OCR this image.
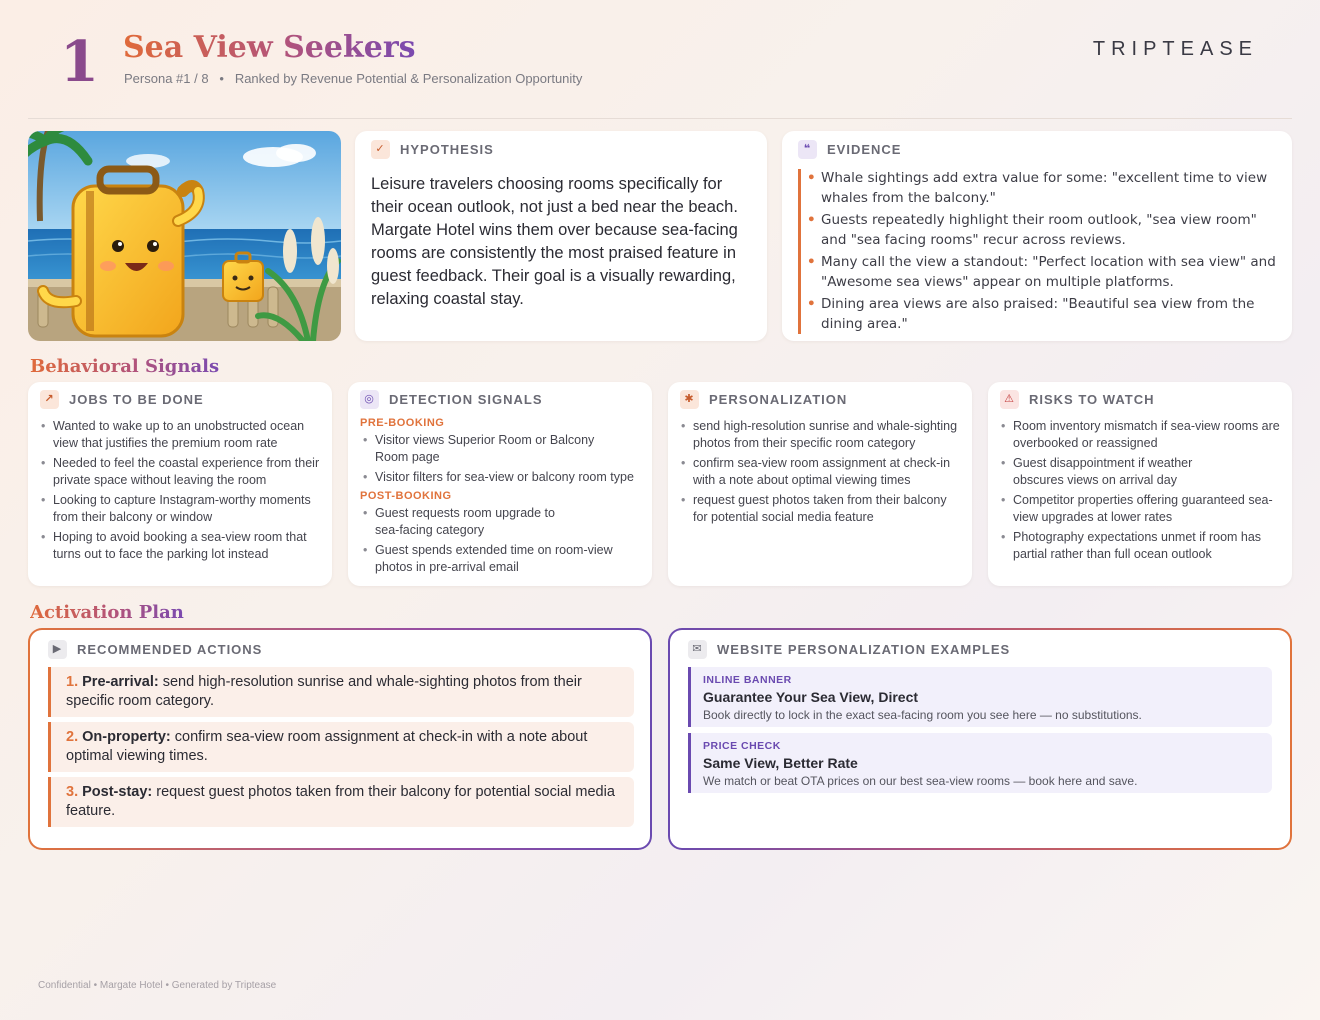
1 Sea View Seekers
Persona #1 / 8   •   Ranked by Revenue Potential & Personalization Opportunity
TRIPTEASE
✓	HYPOTHESIS
Leisure travelers choosing rooms specifically for their ocean outlook, not just a bed near the beach. Margate Hotel wins them over because sea-facing rooms are consistently the most praised feature in guest feedback. Their goal is a visually rewarding, relaxing coastal stay.
❝	EVIDENCE
• Whale sightings add extra value for some: "excellent time to view whales from the balcony."
• Guests repeatedly highlight their room outlook, "sea view room" and "sea facing rooms" recur across reviews.
• Many call the view a standout: "Perfect location with sea view" and "Awesome sea views" appear on multiple platforms.
• Dining area views are also praised: "Beautiful sea view from the dining area."
Behavioral Signals
↗	JOBS TO BE DONE
• Wanted to wake up to an unobstructed ocean view that justifies the premium room rate
• Needed to feel the coastal experience from their private space without leaving the room
• Looking to capture Instagram-worthy moments from their balcony or window
• Hoping to avoid booking a sea-view room that turns out to face the parking lot instead
◎	DETECTION SIGNALS
PRE-BOOKING
• Visitor views Superior Room or Balcony Room page
• Visitor filters for sea-view or balcony room type
POST-BOOKING
• Guest requests room upgrade to sea-facing category
• Guest spends extended time on room-view photos in pre-arrival email
✱	PERSONALIZATION
• send high-resolution sunrise and whale-sighting photos from their specific room category
• confirm sea-view room assignment at check-in with a note about optimal viewing times
• request guest photos taken from their balcony for potential social media feature
⚠	RISKS TO WATCH
• Room inventory mismatch if sea-view rooms are overbooked or reassigned
• Guest disappointment if weather obscures views on arrival day
• Competitor properties offering guaranteed sea-view upgrades at lower rates
• Photography expectations unmet if room has partial rather than full ocean outlook
Activation Plan
▶	RECOMMENDED ACTIONS
1. Pre-arrival: send high-resolution sunrise and whale-sighting photos from their specific room category.
2. On-property: confirm sea-view room assignment at check-in with a note about optimal viewing times.
3. Post-stay: request guest photos taken from their balcony for potential social media feature.
✉	WEBSITE PERSONALIZATION EXAMPLES
INLINE BANNER
Guarantee Your Sea View, Direct
Book directly to lock in the exact sea-facing room you see here — no substitutions.
PRICE CHECK
Same View, Better Rate
We match or beat OTA prices on our best sea-view rooms — book here and save.
Confidential • Margate Hotel • Generated by Triptease
